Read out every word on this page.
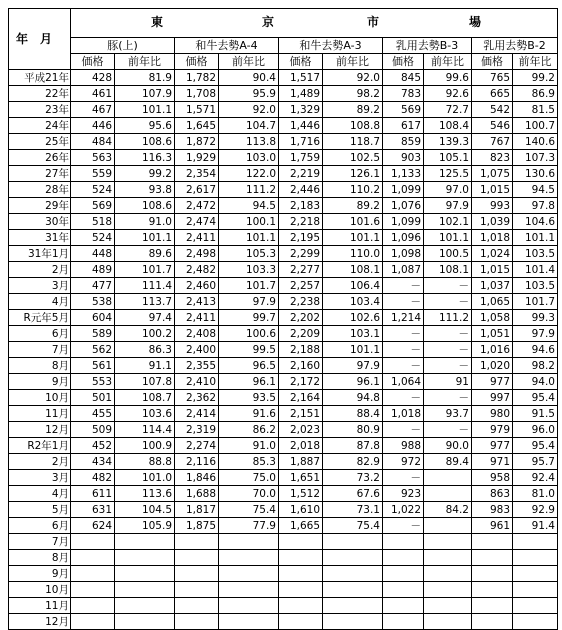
年　月	東 京 市 場									

	豚(上)		和牛去勢A-4		和牛去勢A-3		乳用去勢B-3		乳用去勢B-2	
	価格	前年比	価格	前年比	価格	前年比	価格	前年比	価格	前年比
平成21年	428	81.9	1,782	90.4	1,517	92.0	845	99.6	765	99.2
22年	461	107.9	1,708	95.9	1,489	98.2	783	92.6	665	86.9
23年	467	101.1	1,571	92.0	1,329	89.2	569	72.7	542	81.5
24年	446	95.6	1,645	104.7	1,446	108.8	617	108.4	546	100.7
25年	484	108.6	1,872	113.8	1,716	118.7	859	139.3	767	140.6
26年	563	116.3	1,929	103.0	1,759	102.5	903	105.1	823	107.3
27年	559	99.2	2,354	122.0	2,219	126.1	1,133	125.5	1,075	130.6
28年	524	93.8	2,617	111.2	2,446	110.2	1,099	97.0	1,015	94.5
29年	569	108.6	2,472	94.5	2,183	89.2	1,076	97.9	993	97.8
30年	518	91.0	2,474	100.1	2,218	101.6	1,099	102.1	1,039	104.6
31年	524	101.1	2,411	101.1	2,195	101.1	1,096	101.1	1,018	101.1
31年1月	448	89.6	2,498	105.3	2,299	110.0	1,098	100.5	1,024	103.5
2月	489	101.7	2,482	103.3	2,277	108.1	1,087	108.1	1,015	101.4
3月	477	111.4	2,460	101.7	2,257	106.4	－	－	1,037	103.5
4月	538	113.7	2,413	97.9	2,238	103.4	－	－	1,065	101.7
R元年5月	604	97.4	2,411	99.7	2,202	102.6	1,214	111.2	1,058	99.3
6月	589	100.2	2,408	100.6	2,209	103.1	－	－	1,051	97.9
7月	562	86.3	2,400	99.5	2,188	101.1	－	－	1,016	94.6
8月	561	91.1	2,355	96.5	2,160	97.9	－	－	1,020	98.2
9月	553	107.8	2,410	96.1	2,172	96.1	1,064	91	977	94.0
10月	501	108.7	2,362	93.5	2,164	94.8	－	－	997	95.4
11月	455	103.6	2,414	91.6	2,151	88.4	1,018	93.7	980	91.5
12月	509	114.4	2,319	86.2	2,023	80.9	－	－	979	96.0
R2年1月	452	100.9	2,274	91.0	2,018	87.8	988	90.0	977	95.4
2月	434	88.8	2,116	85.3	1,887	82.9	972	89.4	971	95.7
3月	482	101.0	1,846	75.0	1,651	73.2	－		958	92.4
4月	611	113.6	1,688	70.0	1,512	67.6	923		863	81.0
5月	631	104.5	1,817	75.4	1,610	73.1	1,022	84.2	983	92.9
6月	624	105.9	1,875	77.9	1,665	75.4	－		961	91.4
7月										
8月										
9月										
10月										
11月										
12月										
